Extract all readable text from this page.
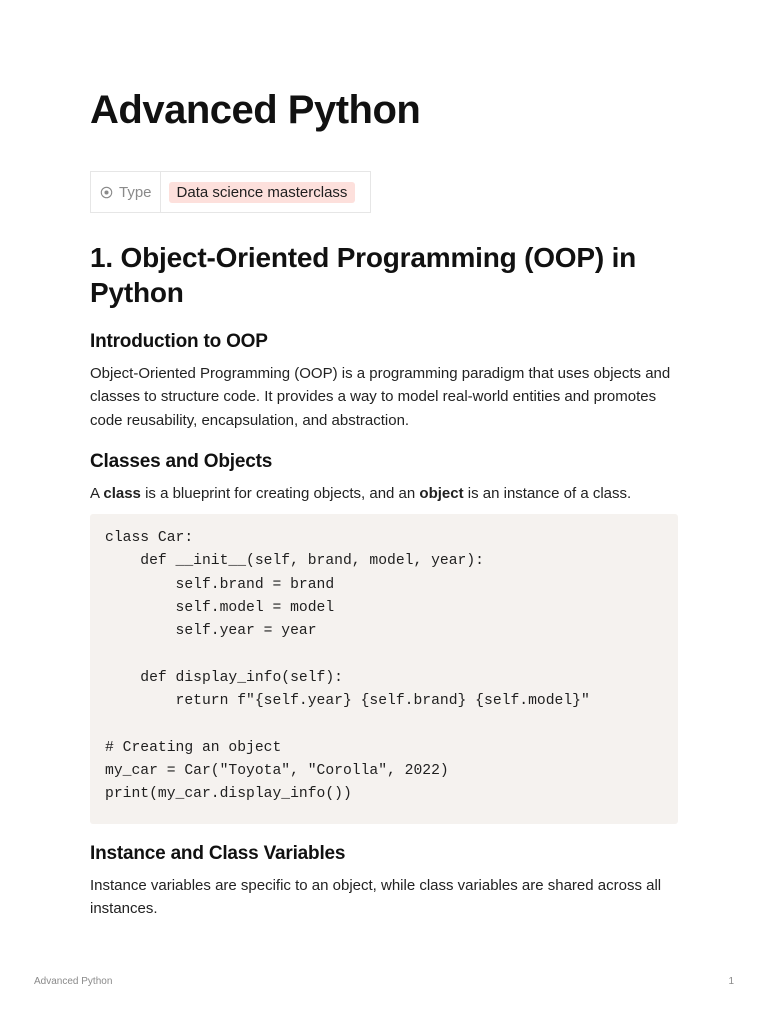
Advanced Python
Type	Data science masterclass
1. Object-Oriented Programming (OOP) in Python
Introduction to OOP

Object-Oriented Programming (OOP) is a programming paradigm that uses objects and classes to structure code. It provides a way to model real-world entities and promotes code reusability, encapsulation, and abstraction.

Classes and Objects

A class is a blueprint for creating objects, and an object is an instance of a class.

class Car:
def __init__(self, brand, model, year):
self.brand = brand
self.model = model
self.year = year

def display_info(self):
return f"{self.year} {self.brand} {self.model}"

# Creating an object
my_car = Car("Toyota", "Corolla", 2022)
print(my_car.display_info())
Instance and Class Variables

Instance variables are specific to an object, while class variables are shared across all instances.

Advanced Python	1
